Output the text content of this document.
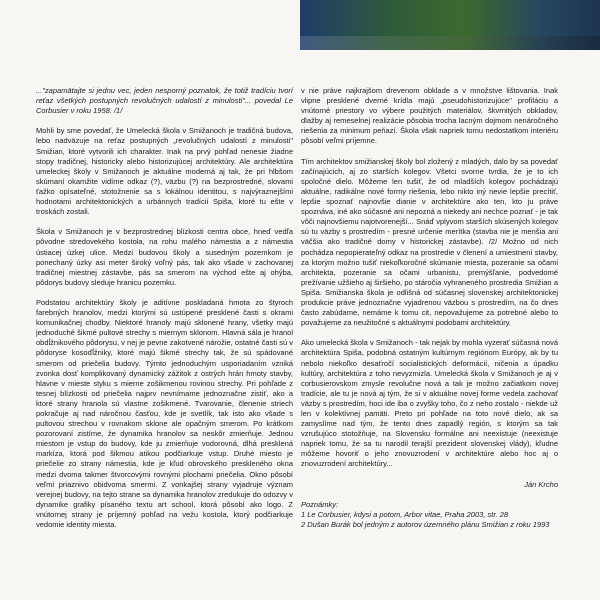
..."zapamätajte si jednu vec, jeden nesporný poznatok, že totiž tradíciu tvorí reťaz všetkých postupných revolučných udalostí z minulosti"... povedal Le Corbusier v roku 1958. /1/

Mohli by sme povedať, že Umelecká škola v Smižanoch je tradičná budova, lebo nadväzuje na reťaz postupných „revolučných udalostí z minulosti" Smižian, ktoré vytvorili ich charakter. Inak na prvý pohľad nenesie žiadne stopy tradičnej, historicky alebo historizujúcej architektúry. Ale architektúra umeleckej školy v Smižanoch je aktuálne moderná aj tak, že pri hlbšom skúmaní okamžite vidíme odkaz (?), väzbu (?) na bezprostredné, slovami ťažko opísateľné, stotožnenie sa s lokálnou identitou, s najvýraznejšími hodnotami architektonických a urbánnych tradícií Spiša, ktoré tu ešte v troskách zostali.

Škola v Smižanoch je v bezprostrednej blízkosti centra obce, hneď vedľa pôvodne stredovekého kostola, na rohu malého námestia a z námestia ústiacej úzkej ulice. Medzi budovou školy a susedným pozemkom je ponechaný úzky asi meter široký voľný pás, tak ako všade v zachovanej tradičnej miestnej zástavbe, pás sa smerom na východ ešte aj ohýba, pôdorys budovy sleduje hranicu pozemku.

Podstatou architektúry školy je aditívne poskladaná hmota zo štyroch farebných hranolov, medzi ktorými sú ustúpené presklené časti s okrami komunikačnej chodby. Niektoré hranoly majú sklonené hrany, všetky majú jednoduché šikmé pultové strechy s miernym sklonom. Hlavná sála je hranol obdĺžnikového pôdorysu, v nej je pevne zakotvené nárožie, ostatné časti sú v pôdoryse kosoďĺžniky, ktoré majú šikmé strechy tak, že sú spádované smerom od priečelia budovy. Týmto jednoduchým usporiadaním vzniká zvonka dosť komplikovaný dynamický zážitok z ostrých hrán hmoty stavby, hlavne v mieste styku s mierne zošikmenou rovinou strechy. Pri pohľade z tesnej blízkosti od priečelia najprv nevnímame jednoznačne zistiť, ako a ktoré strany hranola sú vlastne zošikmené. Tvarovanie, členenie striech pokračuje aj nad náročnou časťou, kde je svetlík, tak isto ako všade s pultovou strechou v rovnakom sklone ale opačným smerom. Po krátkom pozorovaní zistíme, že dynamika hranolov sa neskôr zmierňuje. Jednou miestom je vstup do budovy, kde ju zmierňuje vodorovná, dlhá presklená markíza, ktorá pod šikmou atikou podčiarkuje vstup. Druhé miesto je priečelie zo strany námestia, kde je kľud obrovského preskleného okna medzi dvoma takmer štvorcovými rovnými plochami priečelia. Okno pôsobí veľmi priaznivo obidvoma smermi. Z vonkajšej strany vyjadruje význam verejnej budovy, na tejto strane sa dynamika hranolov zredukuje do odozvy v dynamike grafiky písaného textu art school, ktorá pôsobí ako logo. Z vnútornej strany je príjemný pohľad na vežu kostola, ktorý podčiarkuje vedomie identity miesta.

v nie práve najkrajšom drevenom obklade a v množstve lištovania. Inak vlipne presklené dverné krídla majú „pseudohistorizujúce" profiláciu a vnútorné priestory vo výbere použitých materiálov, škvrnitých obkladov, dlažby aj remeselnej realizácie pôsobia trocha lacným dojmom nenáročného riešenia za minimum peňazí. Škola však napriek tomu nedostatkom interiéru pôsobí veľmi príjemne.

Tím architektov smižianskej školy bol zložený z mladých, dalo by sa povedať začínajúcich, aj zo starších kolegov. Všetci svorne tvrdia, že je to ich spoločné dielo. Môžeme len tušiť, že od mladších kolegov pochádzajú aktuálne, radikálne nové formy riešenia, lebo nikto iný nevie lepšie precítiť, lepšie spoznať najnovšie dianie v architektúre ako ten, kto ju práve spoznáva, iné ako súčasné ani nepozná a niekedy ani nechce poznať - je tak vôči najnovšiemu najotvorenejší... Snáď vplyvom starších skúsených kolegov sú tu väzby s prostredím - presné určenie merítka (stavba nie je menšia ani väčšia ako tradičné domy v historickej zástavbe). /2/ Možno od nich pochádza nepopierateľný odkaz na prostredie v členení a umiestnení stavby, za ktorým možno tušiť niekoľkoročné skúmanie miesta, pozeranie sa očami architekta, pozeranie sa očami urbanistu, premýšľanie, podvedomé prežívanie užšieho aj širšieho, po stáročia vyhraneného prostredia Smižian a Spiša. Smižianska škola je odlišná od súčasnej slovenskej architektonickej produkcie práve jednoznačne vyjadrenou väzbou s prostredím, na čo dnes často zabúdame, nemáme k tomu cit, nepovažujeme za potrebné alebo to považujeme za neužitočné s aktuálnymi podobami architektúry.

Ako umelecká škola v Smižanoch - tak nejak by mohla vyzerať súčasná nová architektúra Spiša, podobná ostatným kultúrnym regiónom Európy, ak by tu nebolo niekoľko desaťročí socialistických deformácií, ničenia a úpadku kultúry, architektúra z toho nevyzmizla. Umelecká škola v Smižanoch je aj v corbusierovskom zmysle revolučne nová a tak je možno začiatkom novej tradície, ale tu je nová aj tým, že si v aktuálne novej forme vedela zachovať väzby s prostredím, hoci ide iba o zvyšky toho, čo z neho zostalo - niekde už len v kolektívnej pamäti. Preto pri pohľade na toto nové dielo, ak sa zamyslíme nad tým, že tento dnes zapadlý región, s ktorým sa tak vzrušujúco stotožňuje, na Slovensku formálne ani neexistuje (neexistuje napriek tomu, že sa tu narodil terajší prezident slovenskej vlády), kľudne môžeme hovoriť o jeho znovuzrodení v architektúre alebo hoc aj o znovuzrodení architektúry...

Ján Krcho

Poznámky:

1 Le Corbusier, kdysi a potom, Arbor vitae, Praha 2003, str. 28

2 Dušan Burák bol jedným z autorov územného plánu Smižian z roku 1993
